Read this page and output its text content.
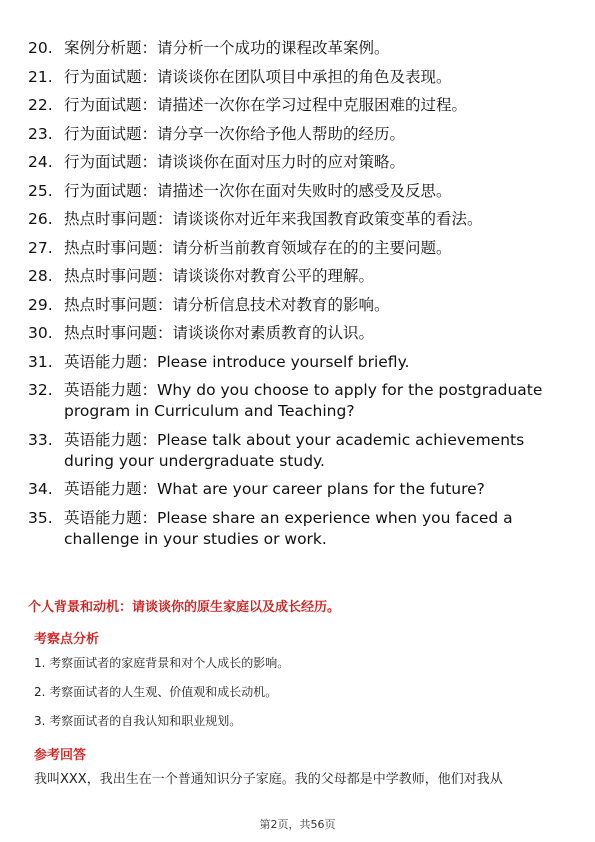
20. 案例分析题：请分析一个成功的课程改革案例。
21. 行为面试题：请谈谈你在团队项目中承担的角色及表现。
22. 行为面试题：请描述一次你在学习过程中克服困难的过程。
23. 行为面试题：请分享一次你给予他人帮助的经历。
24. 行为面试题：请谈谈你在面对压力时的应对策略。
25. 行为面试题：请描述一次你在面对失败时的感受及反思。
26. 热点时事问题：请谈谈你对近年来我国教育政策变革的看法。
27. 热点时事问题：请分析当前教育领域存在的的主要问题。
28. 热点时事问题：请谈谈你对教育公平的理解。
29. 热点时事问题：请分析信息技术对教育的影响。
30. 热点时事问题：请谈谈你对素质教育的认识。
31. 英语能力题：Please introduce yourself briefly.
32. 英语能力题：Why do you choose to apply for the postgraduate program in Curriculum and Teaching?
33. 英语能力题：Please talk about your academic achievements during your undergraduate study.
34. 英语能力题：What are your career plans for the future?
35. 英语能力题：Please share an experience when you faced a challenge in your studies or work.
个人背景和动机：请谈谈你的原生家庭以及成长经历。
考察点分析
1. 考察面试者的家庭背景和对个人成长的影响。
2. 考察面试者的人生观、价值观和成长动机。
3. 考察面试者的自我认知和职业规划。
参考回答
我叫XXX，我出生在一个普通知识分子家庭。我的父母都是中学教师，他们对我从
第2页，共56页
